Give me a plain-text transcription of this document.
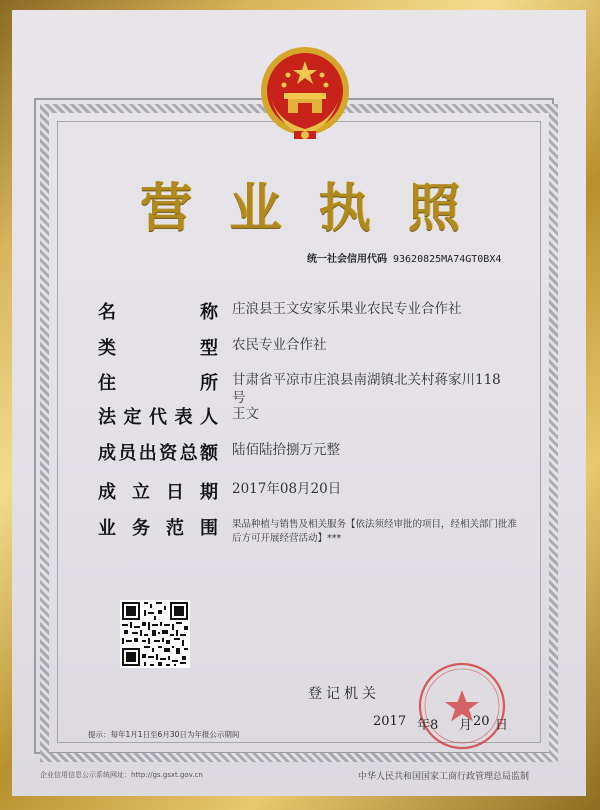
营 业 执 照
统一社会信用代码 93620825MA74GT0BX4
名	称 庄浪县王文安家乐果业农民专业合作社
类	型 农民专业合作社
住	所 甘肃省平凉市庄浪县南湖镇北关村蒋家川118号
法 定 代 表 人 王文
成 员 出 资 总 额 陆佰陆拾捌万元整
成 立 日 期 2017年08月20日
业 务 范 围 果品种植与销售及相关服务【依法须经审批的项目，经相关部门批准后方可开展经营活动】***
登记机关
2017 年8 月 20 日
提示：每年1月1日至6月30日为年报公示期间
企业信用信息公示系统网址：http://gs.gsxt.gov.cn	中华人民共和国国家工商行政管理总局监制
